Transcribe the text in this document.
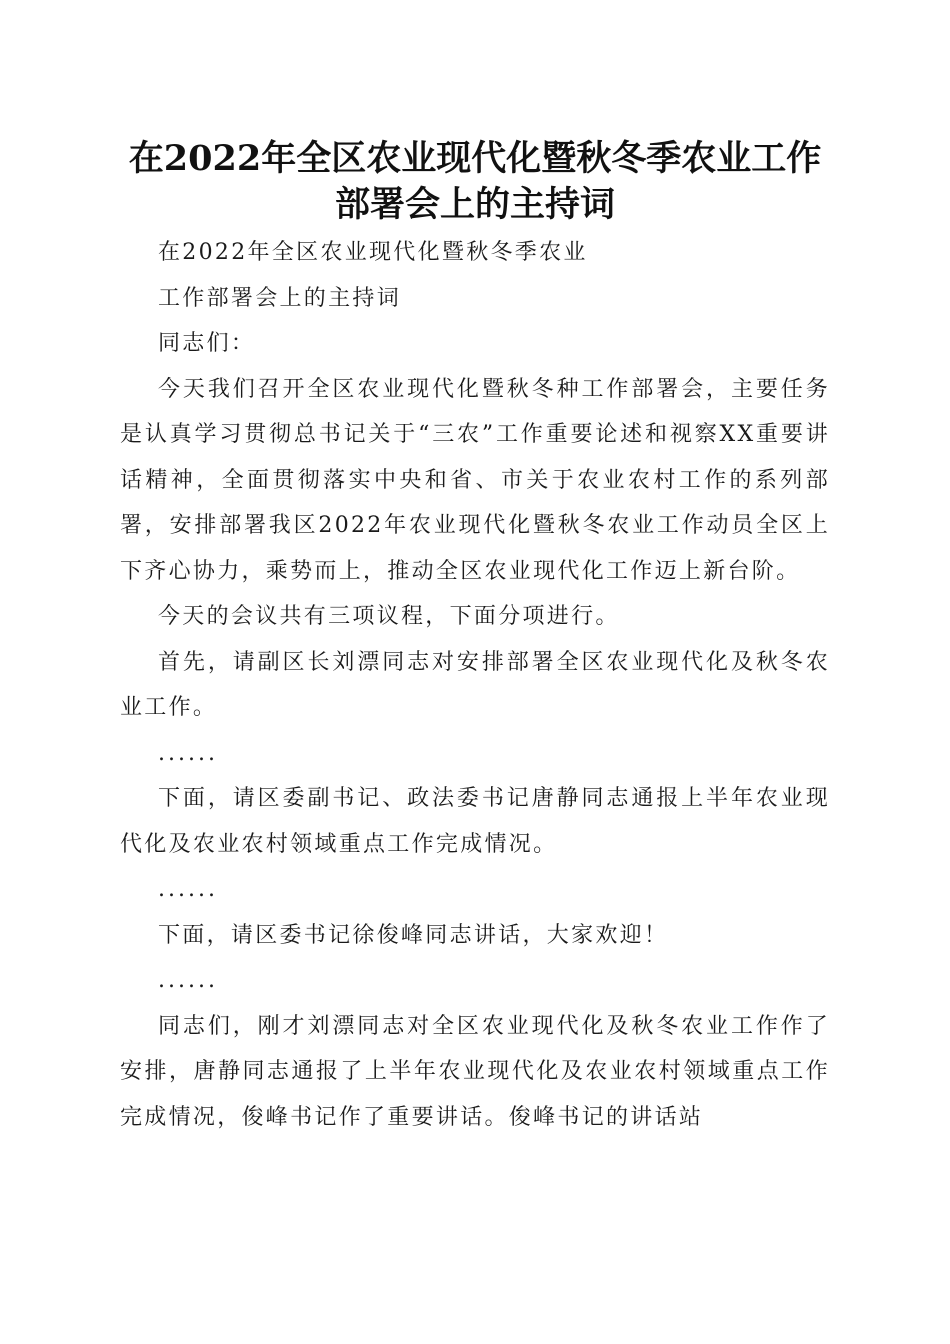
在2022年全区农业现代化暨秋冬季农业工作
部署会上的主持词

在2022年全区农业现代化暨秋冬季农业

工作部署会上的主持词

同志们：

今天我们召开全区农业现代化暨秋冬种工作部署会，主要任务是认真学习贯彻总书记关于“三农”工作重要论述和视察XX重要讲话精神，全面贯彻落实中央和省、市关于农业农村工作的系列部署，安排部署我区2022年农业现代化暨秋冬农业工作动员全区上下齐心协力，乘势而上，推动全区农业现代化工作迈上新台阶。

今天的会议共有三项议程，下面分项进行。

首先，请副区长刘漂同志对安排部署全区农业现代化及秋冬农业工作。

......

下面，请区委副书记、政法委书记唐静同志通报上半年农业现代化及农业农村领域重点工作完成情况。

......

下面，请区委书记徐俊峰同志讲话，大家欢迎！

......

同志们，刚才刘漂同志对全区农业现代化及秋冬农业工作作了安排，唐静同志通报了上半年农业现代化及农业农村领域重点工作完成情况，俊峰书记作了重要讲话。俊峰书记的讲话站
